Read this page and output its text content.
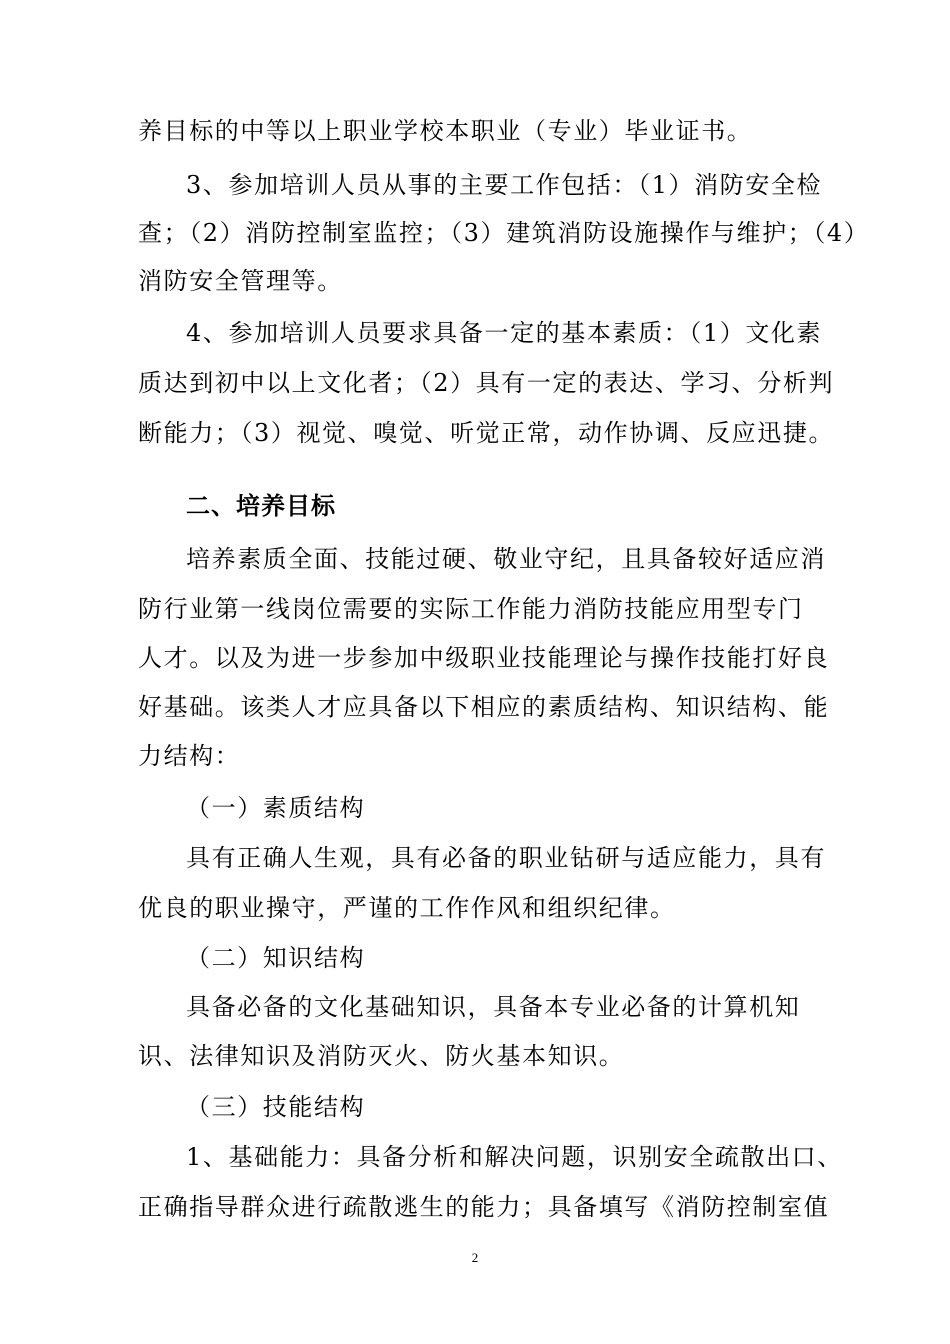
养目标的中等以上职业学校本职业（专业）毕业证书。
3、参加培训人员从事的主要工作包括：（1）消防安全检
查；（2）消防控制室监控；（3）建筑消防设施操作与维护；（4）
消防安全管理等。
4、参加培训人员要求具备一定的基本素质：（1）文化素
质达到初中以上文化者；（2）具有一定的表达、学习、分析判
断能力；（3）视觉、嗅觉、听觉正常，动作协调、反应迅捷。
二、培养目标
培养素质全面、技能过硬、敬业守纪，且具备较好适应消
防行业第一线岗位需要的实际工作能力消防技能应用型专门
人才。以及为进一步参加中级职业技能理论与操作技能打好良
好基础。该类人才应具备以下相应的素质结构、知识结构、能
力结构：
（一）素质结构
具有正确人生观，具有必备的职业钻研与适应能力，具有
优良的职业操守，严谨的工作作风和组织纪律。
（二）知识结构
具备必备的文化基础知识，具备本专业必备的计算机知
识、法律知识及消防灭火、防火基本知识。
（三）技能结构
1、基础能力：具备分析和解决问题，识别安全疏散出口、
正确指导群众进行疏散逃生的能力；具备填写《消防控制室值
2
